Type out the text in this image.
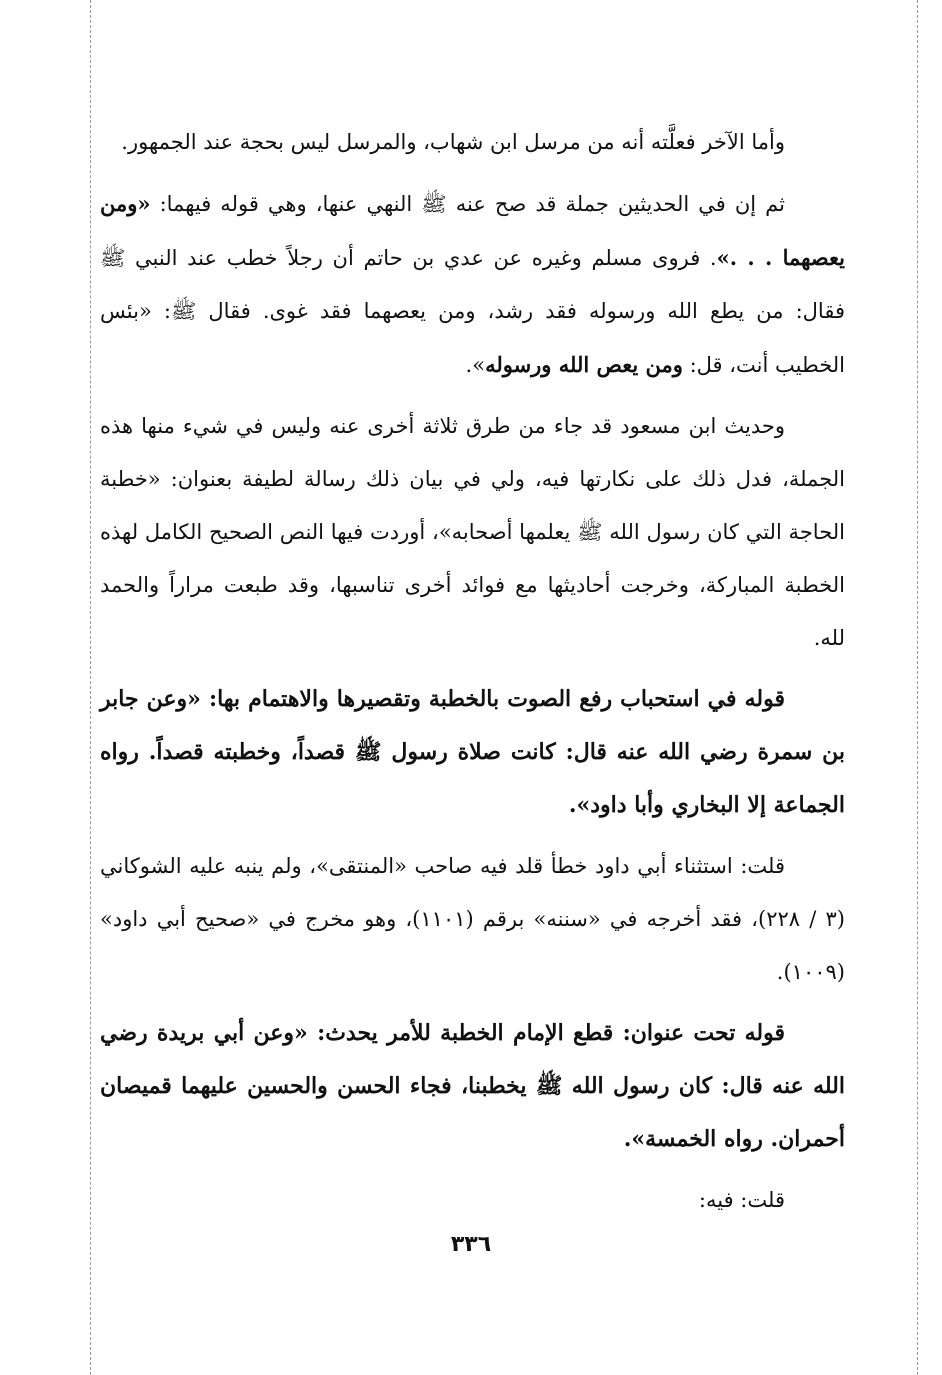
وأما الآخر فعلَّته أنه من مرسل ابن شهاب، والمرسل ليس بحجة عند الجمهور.

ثم إن في الحديثين جملة قد صح عنه ﷺ النهي عنها، وهي قوله فيهما: «ومن يعصهما . . .». فروى مسلم وغيره عن عدي بن حاتم أن رجلاً خطب عند النبي ﷺ فقال: من يطع الله ورسوله فقد رشد، ومن يعصهما فقد غوى. فقال ﷺ: «بئس الخطيب أنت، قل: ومن يعص الله ورسوله».

وحديث ابن مسعود قد جاء من طرق ثلاثة أخرى عنه وليس في شيء منها هذه الجملة، فدل ذلك على نكارتها فيه، ولي في بيان ذلك رسالة لطيفة بعنوان: «خطبة الحاجة التي كان رسول الله ﷺ يعلمها أصحابه»، أوردت فيها النص الصحيح الكامل لهذه الخطبة المباركة، وخرجت أحاديثها مع فوائد أخرى تناسبها، وقد طبعت مراراً والحمد لله.

قوله في استحباب رفع الصوت بالخطبة وتقصيرها والاهتمام بها: «وعن جابر بن سمرة رضي الله عنه قال: كانت صلاة رسول ﷺ قصداً، وخطبته قصداً. رواه الجماعة إلا البخاري وأبا داود».

قلت: استثناء أبي داود خطأ قلد فيه صاحب «المنتقى»، ولم ينبه عليه الشوكاني (٣ / ٢٢٨)، فقد أخرجه في «سننه» برقم (١١٠١)، وهو مخرج في «صحيح أبي داود» (١٠٠٩).

قوله تحت عنوان: قطع الإمام الخطبة للأمر يحدث: «وعن أبي بريدة رضي الله عنه قال: كان رسول الله ﷺ يخطبنا، فجاء الحسن والحسين عليهما قميصان أحمران. رواه الخمسة».

قلت: فيه:

٣٣٦
